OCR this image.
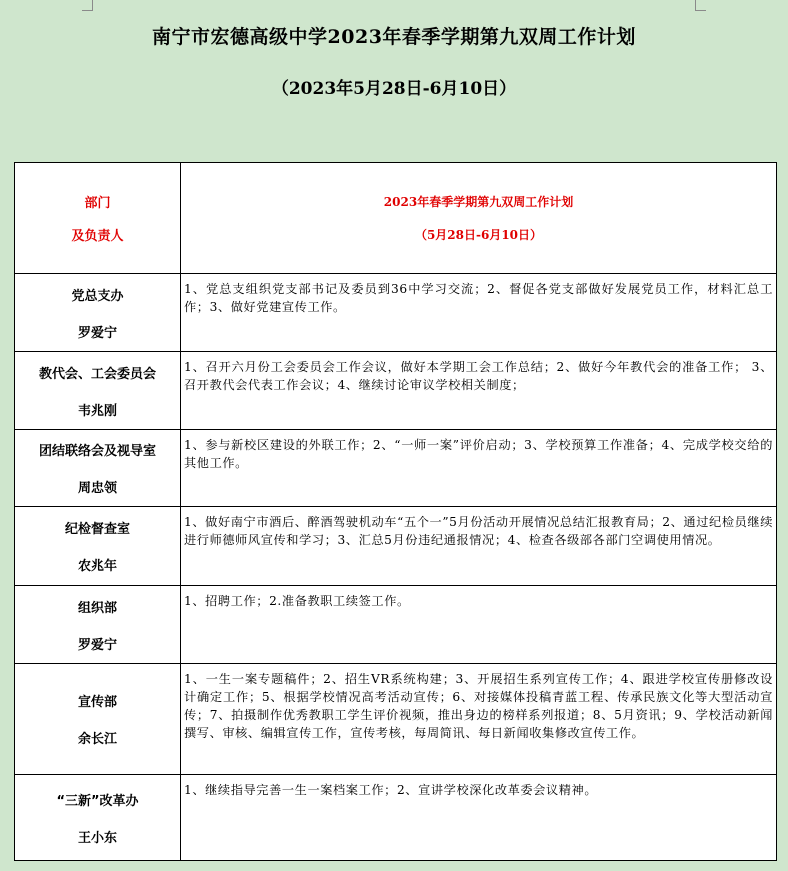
南宁市宏德高级中学2023年春季学期第九双周工作计划
（2023年5月28日-6月10日）
部门
及负责人	2023年春季学期第九双周工作计划
（5月28日-6月10日）

党总支办
罗爱宁	1、党总支组织党支部书记及委员到36中学习交流；2、督促各党支部做好发展党员工作，材料汇总工作；3、做好党建宣传工作。

教代会、工会委员会
韦兆刚	1、召开六月份工会委员会工作会议，做好本学期工会工作总结；2、做好今年教代会的准备工作； 3、召开教代会代表工作会议；4、继续讨论审议学校相关制度；

团结联络会及视导室
周忠领	1、参与新校区建设的外联工作；2、“一师一案”评价启动；3、学校预算工作准备；4、完成学校交给的其他工作。

纪检督查室
农兆年	1、做好南宁市酒后、醉酒驾驶机动车“五个一”5月份活动开展情况总结汇报教育局；2、通过纪检员继续进行师德师风宣传和学习；3、汇总5月份违纪通报情况；4、检查各级部各部门空调使用情况。

组织部
罗爱宁	1、招聘工作；2.准备教职工续签工作。

宣传部
余长江	1、一生一案专题稿件；2、招生VR系统构建；3、开展招生系列宣传工作；4、跟进学校宣传册修改设计确定工作；5、根据学校情况高考活动宣传；6、对接媒体投稿青蓝工程、传承民族文化等大型活动宣传；7、拍摄制作优秀教职工学生评价视频，推出身边的榜样系列报道；8、5月资讯；9、学校活动新闻撰写、审核、编辑宣传工作，宣传考核，每周简讯、每日新闻收集修改宣传工作。

“三新”改革办
王小东	1、继续指导完善一生一案档案工作；2、宣讲学校深化改革委会议精神。
